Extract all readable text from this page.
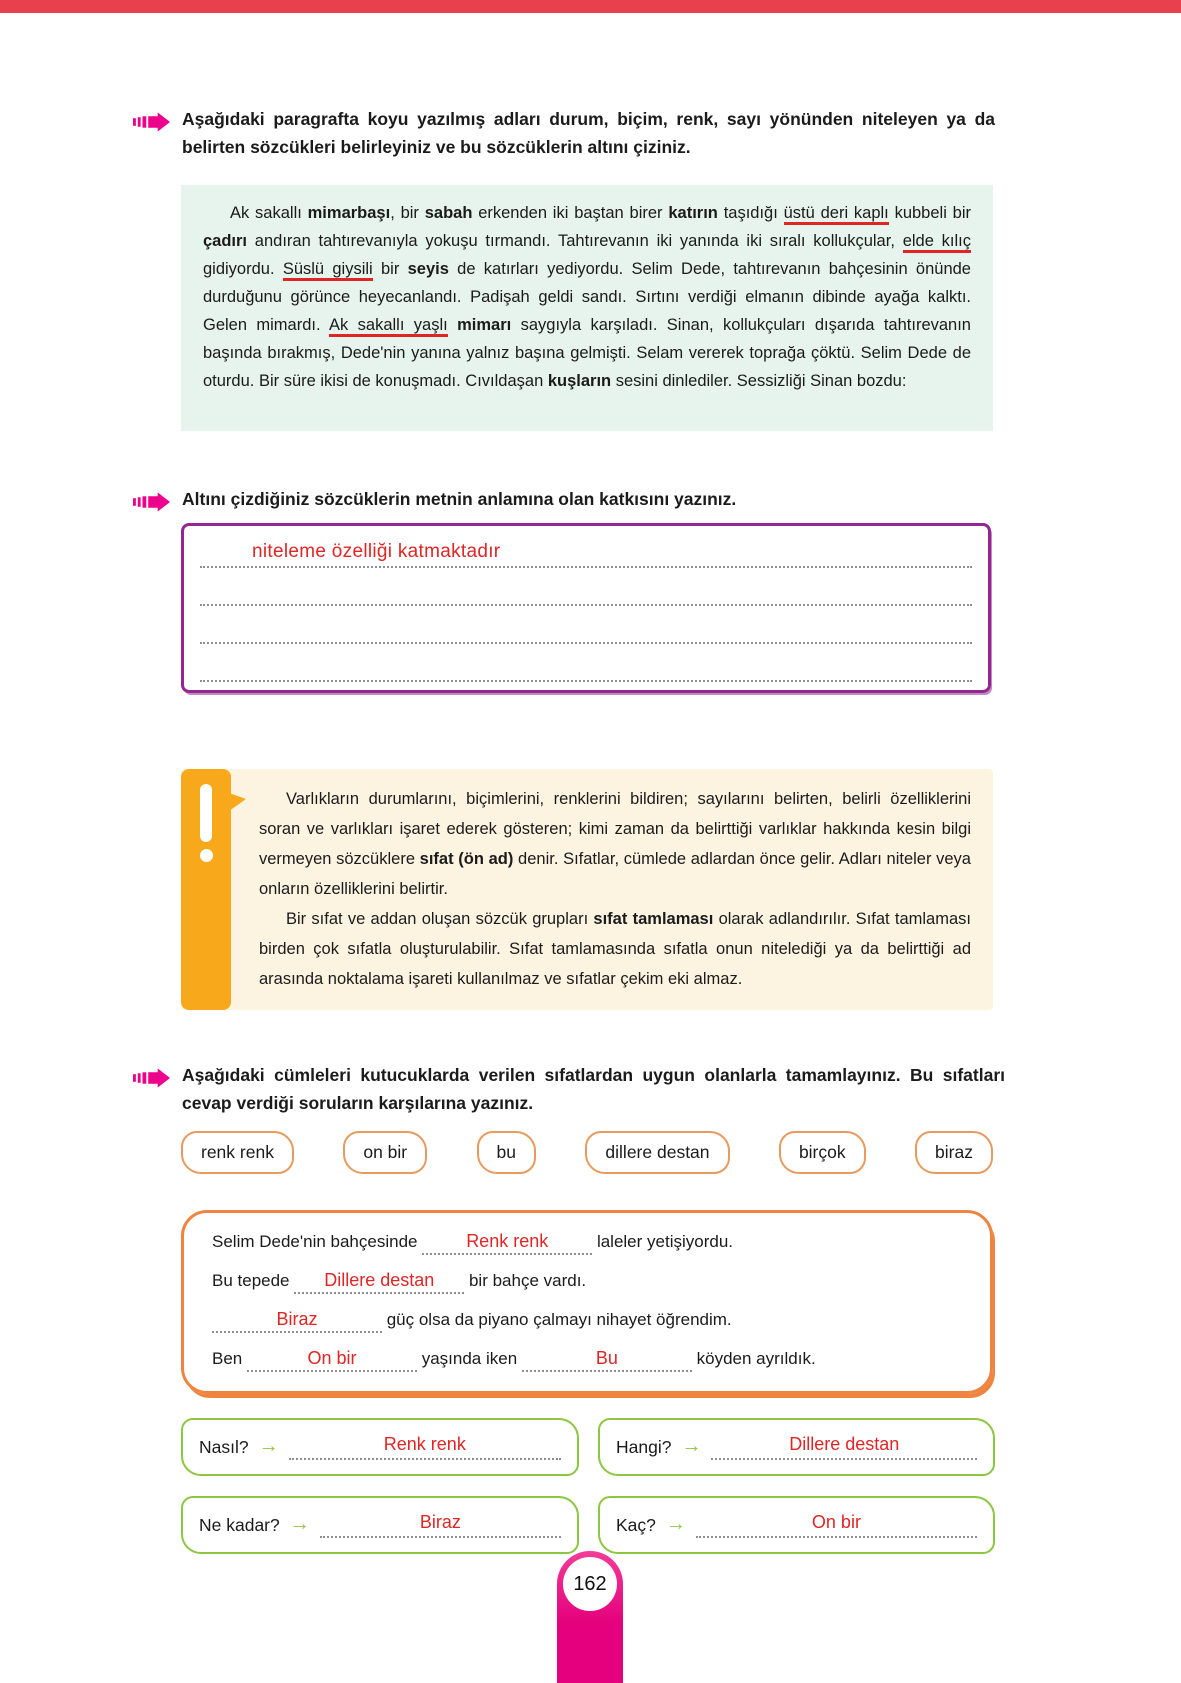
Aşağıdaki paragrafta koyu yazılmış adları durum, biçim, renk, sayı yönünden niteleyen ya da belirten sözcükleri belirleyiniz ve bu sözcüklerin altını çiziniz.
Ak sakallı mimarbaşı, bir sabah erkenden iki baştan birer katırın taşıdığı üstü deri kaplı kubbeli bir çadırı andıran tahtırevanıyla yokuşu tırmandı. Tahtırevanın iki yanında iki sıralı kollukçular, elde kılıç gidiyordu. Süslü giysili bir seyis de katırları yediyordu. Selim Dede, tahtırevanın bahçesinin önünde durduğunu görünce heyecanlandı. Padişah geldi sandı. Sırtını verdiği elmanın dibinde ayağa kalktı. Gelen mimardı. Ak sakallı yaşlı mimarı saygıyla karşıladı. Sinan, kollukçuları dışarıda tahtırevanın başında bırakmış, Dede'nin yanına yalnız başına gelmişti. Selam vererek toprağa çöktü. Selim Dede de oturdu. Bir süre ikisi de konuşmadı. Cıvıldaşan kuşların sesini dinlediler. Sessizliği Sinan bozdu:
Altını çizdiğiniz sözcüklerin metnin anlamına olan katkısını yazınız.
niteleme özelliği katmaktadır

Varlıkların durumlarını, biçimlerini, renklerini bildiren; sayılarını belirten, belirli özelliklerini soran ve varlıkları işaret ederek gösteren; kimi zaman da belirttiği varlıklar hakkında kesin bilgi vermeyen sözcüklere sıfat (ön ad) denir. Sıfatlar, cümlede adlardan önce gelir. Adları niteler veya onların özelliklerini belirtir.

Bir sıfat ve addan oluşan sözcük grupları sıfat tamlaması olarak adlandırılır. Sıfat tamlaması birden çok sıfatla oluşturulabilir. Sıfat tamlamasında sıfatla onun nitelediği ya da belirttiği ad arasında noktalama işareti kullanılmaz ve sıfatlar çekim eki almaz.

Aşağıdaki cümleleri kutucuklarda verilen sıfatlardan uygun olanlarla tamamlayınız. Bu sıfatları cevap verdiği soruların karşılarına yazınız.
renk renk	on bir	bu	dillere destan	birçok	biraz
Selim Dede'nin bahçesinde Renk renk	laleler yetişiyordu.
Bu tepede Dillere destan bir bahçe vardı.
Biraz	güç olsa da piyano çalmayı nihayet öğrendim.
Ben	On bir	yaşında iken	Bu	köyden ayrıldık.
Nasıl? →	Renk renk	Hangi? →	Dillere destan
Ne kadar? →	Biraz	Kaç? →	On bir
162
